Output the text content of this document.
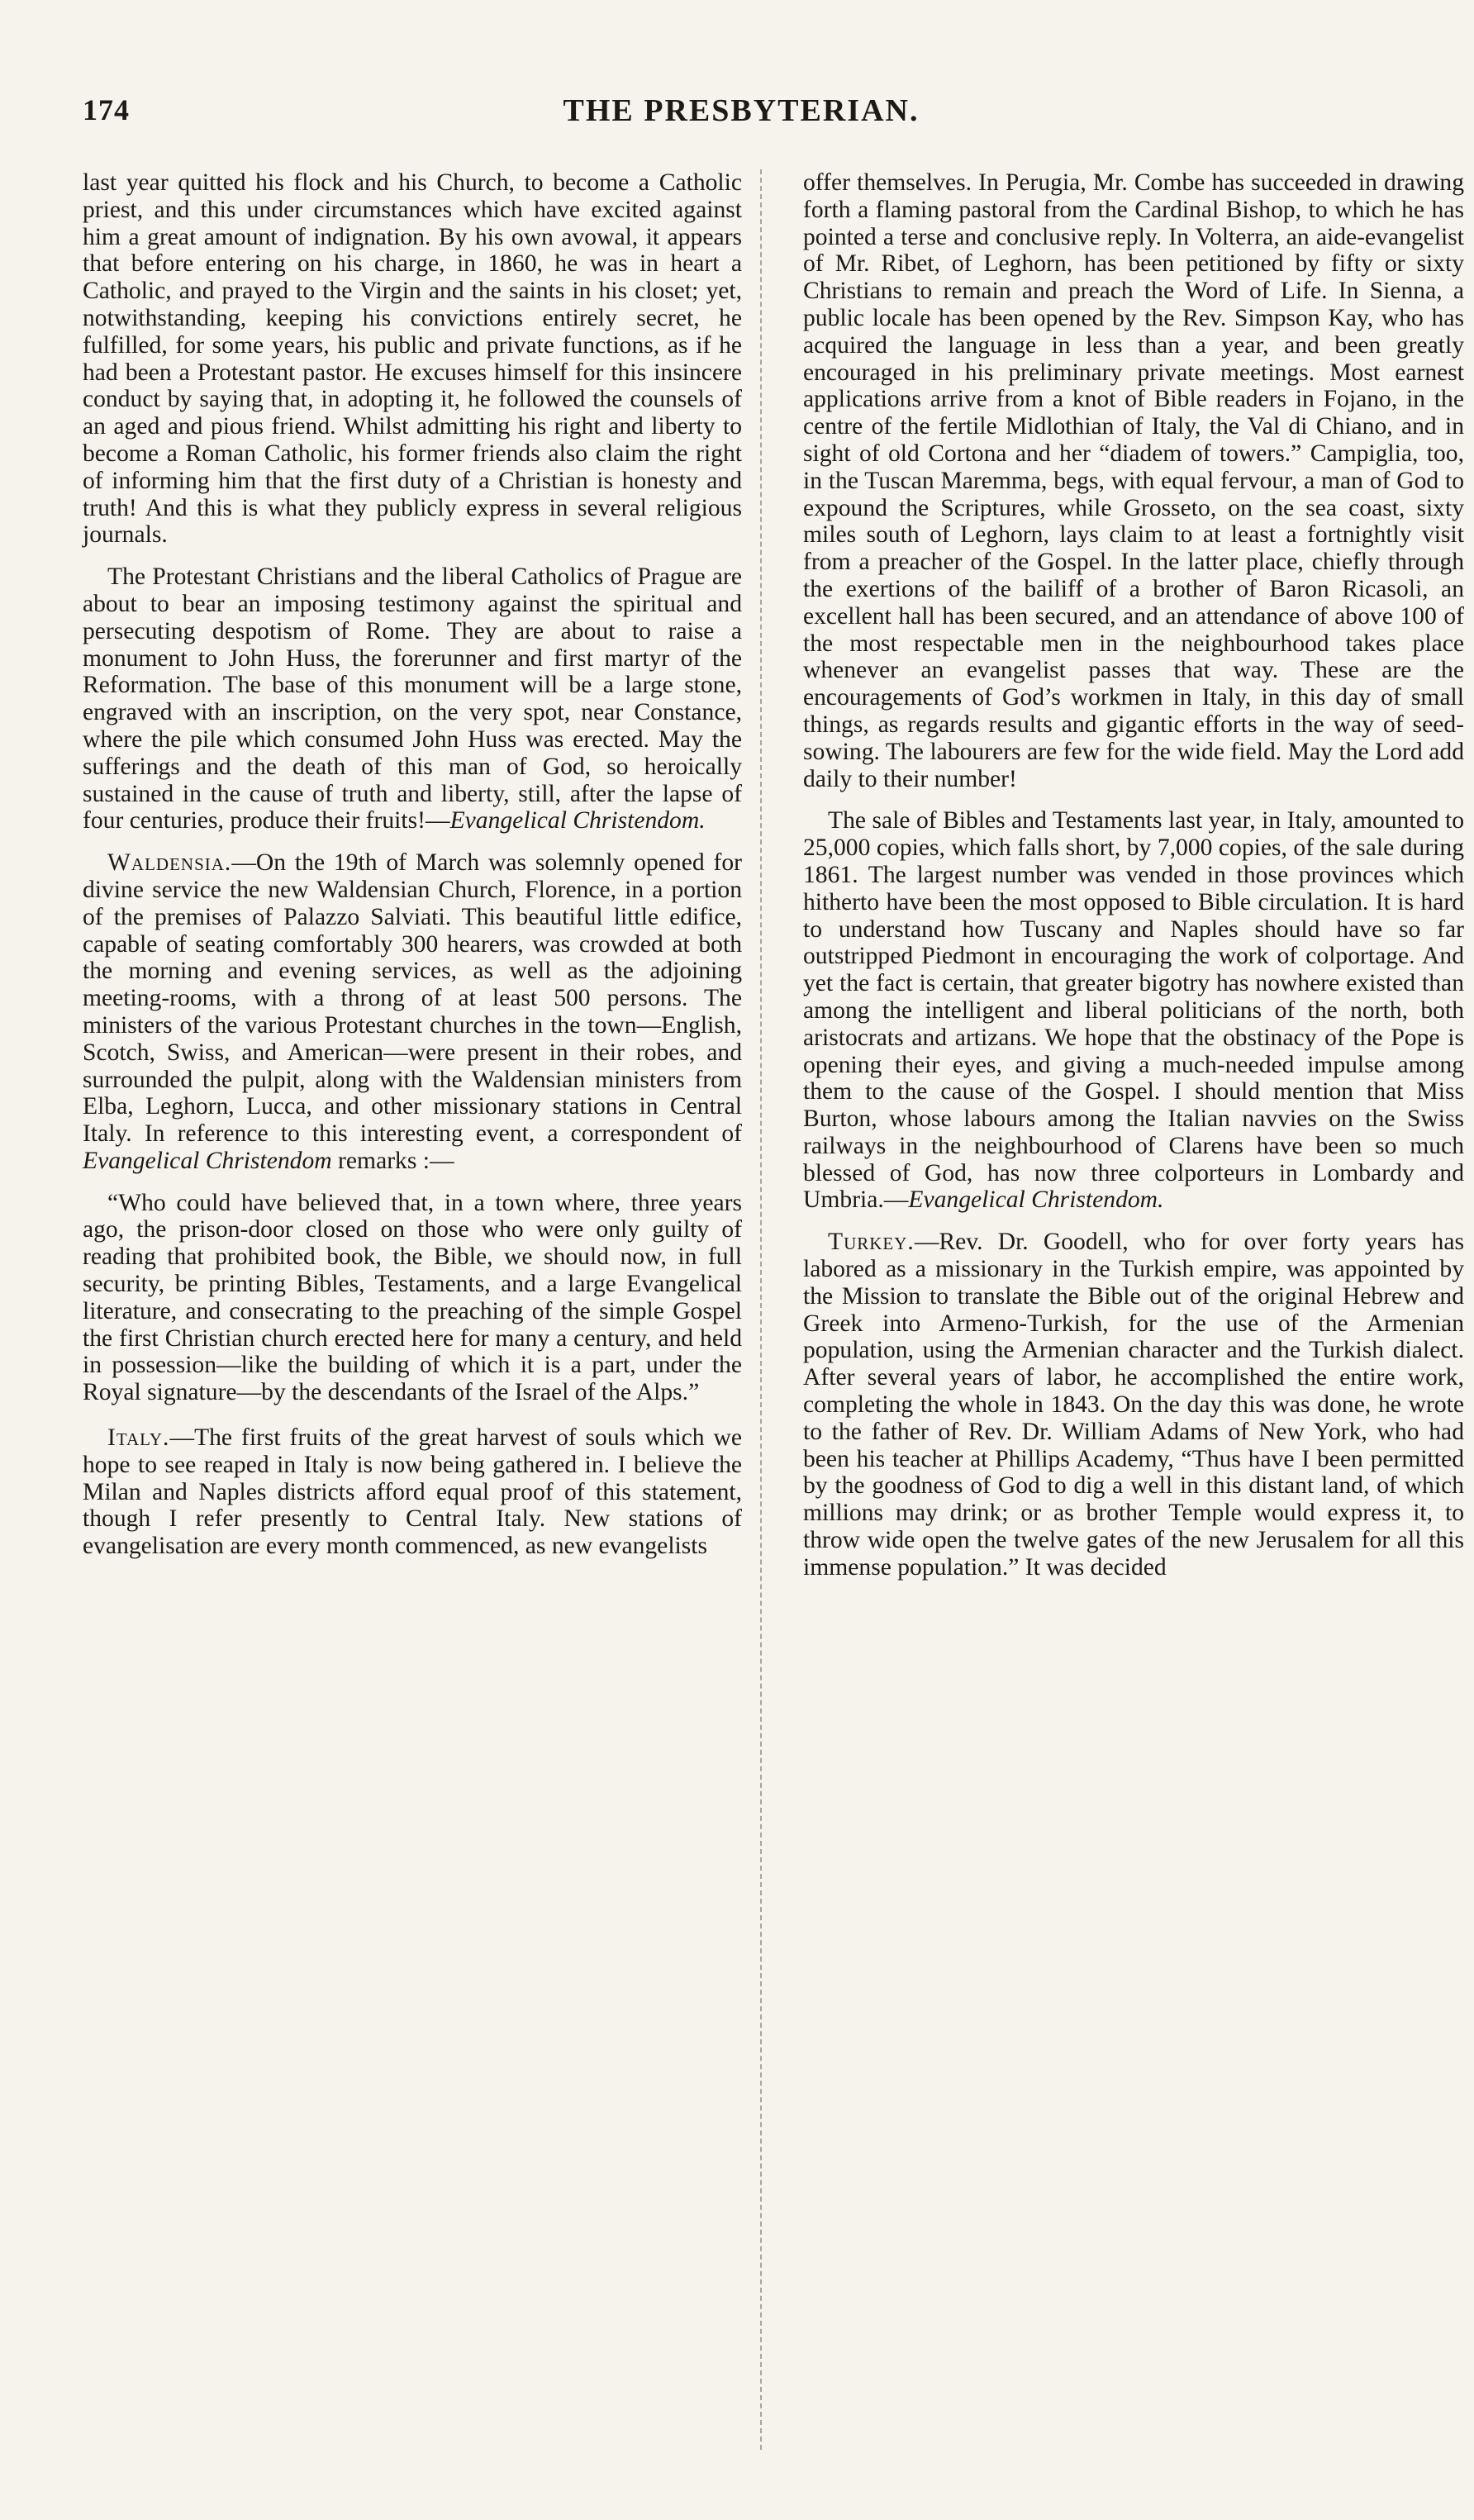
174	THE PRESBYTERIAN.

last year quitted his flock and his Church, to become a Catholic priest, and this under circumstances which have excited against him a great amount of indignation. By his own avowal, it appears that before entering on his charge, in 1860, he was in heart a Catholic, and prayed to the Virgin and the saints in his closet; yet, notwithstanding, keeping his convictions entirely secret, he fulfilled, for some years, his public and private functions, as if he had been a Protestant pastor. He excuses himself for this insincere conduct by saying that, in adopting it, he followed the counsels of an aged and pious friend. Whilst admitting his right and liberty to become a Roman Catholic, his former friends also claim the right of informing him that the first duty of a Christian is honesty and truth! And this is what they publicly express in several religious journals.

The Protestant Christians and the liberal Catholics of Prague are about to bear an imposing testimony against the spiritual and persecuting despotism of Rome. They are about to raise a monument to John Huss, the forerunner and first martyr of the Reformation. The base of this monument will be a large stone, engraved with an inscription, on the very spot, near Constance, where the pile which consumed John Huss was erected. May the sufferings and the death of this man of God, so heroically sustained in the cause of truth and liberty, still, after the lapse of four centuries, produce their fruits!—Evangelical Christendom.

Waldensia.—On the 19th of March was solemnly opened for divine service the new Waldensian Church, Florence, in a portion of the premises of Palazzo Salviati. This beautiful little edifice, capable of seating comfortably 300 hearers, was crowded at both the morning and evening services, as well as the adjoining meeting-rooms, with a throng of at least 500 persons. The ministers of the various Protestant churches in the town—English, Scotch, Swiss, and American—were present in their robes, and surrounded the pulpit, along with the Waldensian ministers from Elba, Leghorn, Lucca, and other missionary stations in Central Italy. In reference to this interesting event, a correspondent of Evangelical Christendom remarks :—

“Who could have believed that, in a town where, three years ago, the prison-door closed on those who were only guilty of reading that prohibited book, the Bible, we should now, in full security, be printing Bibles, Testaments, and a large Evangelical literature, and consecrating to the preaching of the simple Gospel the first Christian church erected here for many a century, and held in possession—like the building of which it is a part, under the Royal signature—by the descendants of the Israel of the Alps.”

Italy.—The first fruits of the great harvest of souls which we hope to see reaped in Italy is now being gathered in. I believe the Milan and Naples districts afford equal proof of this statement, though I refer presently to Central Italy. New stations of evangelisation are every month commenced, as new evangelists

offer themselves. In Perugia, Mr. Combe has succeeded in drawing forth a flaming pastoral from the Cardinal Bishop, to which he has pointed a terse and conclusive reply. In Volterra, an aide-evangelist of Mr. Ribet, of Leghorn, has been petitioned by fifty or sixty Christians to remain and preach the Word of Life. In Sienna, a public locale has been opened by the Rev. Simpson Kay, who has acquired the language in less than a year, and been greatly encouraged in his preliminary private meetings. Most earnest applications arrive from a knot of Bible readers in Fojano, in the centre of the fertile Midlothian of Italy, the Val di Chiano, and in sight of old Cortona and her “diadem of towers.” Campiglia, too, in the Tuscan Maremma, begs, with equal fervour, a man of God to expound the Scriptures, while Grosseto, on the sea coast, sixty miles south of Leghorn, lays claim to at least a fortnightly visit from a preacher of the Gospel. In the latter place, chiefly through the exertions of the bailiff of a brother of Baron Ricasoli, an excellent hall has been secured, and an attendance of above 100 of the most respectable men in the neighbourhood takes place whenever an evangelist passes that way. These are the encouragements of God’s workmen in Italy, in this day of small things, as regards results and gigantic efforts in the way of seed-sowing. The labourers are few for the wide field. May the Lord add daily to their number!

The sale of Bibles and Testaments last year, in Italy, amounted to 25,000 copies, which falls short, by 7,000 copies, of the sale during 1861. The largest number was vended in those provinces which hitherto have been the most opposed to Bible circulation. It is hard to understand how Tuscany and Naples should have so far outstripped Piedmont in encouraging the work of colportage. And yet the fact is certain, that greater bigotry has nowhere existed than among the intelligent and liberal politicians of the north, both aristocrats and artizans. We hope that the obstinacy of the Pope is opening their eyes, and giving a much-needed impulse among them to the cause of the Gospel. I should mention that Miss Burton, whose labours among the Italian navvies on the Swiss railways in the neighbourhood of Clarens have been so much blessed of God, has now three colporteurs in Lombardy and Umbria.—Evangelical Christendom.

Turkey.—Rev. Dr. Goodell, who for over forty years has labored as a missionary in the Turkish empire, was appointed by the Mission to translate the Bible out of the original Hebrew and Greek into Armeno-Turkish, for the use of the Armenian population, using the Armenian character and the Turkish dialect. After several years of labor, he accomplished the entire work, completing the whole in 1843. On the day this was done, he wrote to the father of Rev. Dr. William Adams of New York, who had been his teacher at Phillips Academy, “Thus have I been permitted by the goodness of God to dig a well in this distant land, of which millions may drink; or as brother Temple would express it, to throw wide open the twelve gates of the new Jerusalem for all this immense population.” It was decided
